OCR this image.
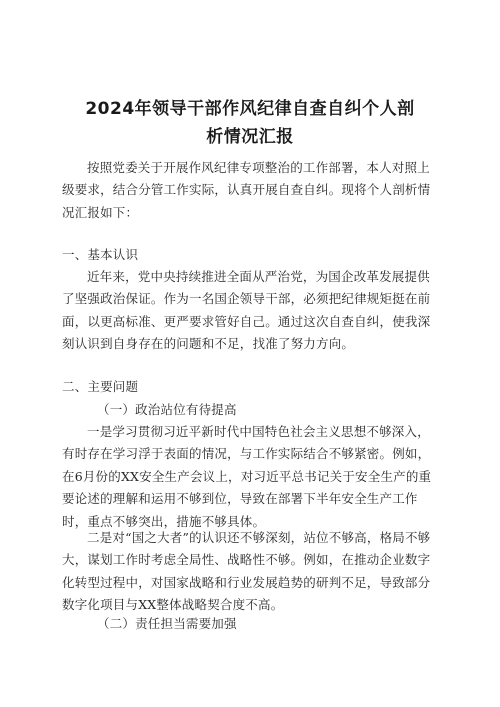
2024年领导干部作风纪律自查自纠个人剖
析情况汇报

按照党委关于开展作风纪律专项整治的工作部署，本人对照上级要求，结合分管工作实际，认真开展自查自纠。现将个人剖析情况汇报如下：

一、基本认识

近年来，党中央持续推进全面从严治党，为国企改革发展提供了坚强政治保证。作为一名国企领导干部，必须把纪律规矩挺在前面，以更高标准、更严要求管好自己。通过这次自查自纠，使我深刻认识到自身存在的问题和不足，找准了努力方向。

二、主要问题

（一）政治站位有待提高

一是学习贯彻习近平新时代中国特色社会主义思想不够深入，有时存在学习浮于表面的情况，与工作实际结合不够紧密。例如，在6月份的XX安全生产会议上，对习近平总书记关于安全生产的重要论述的理解和运用不够到位，导致在部署下半年安全生产工作时，重点不够突出，措施不够具体。

二是对“国之大者”的认识还不够深刻，站位不够高，格局不够大，谋划工作时考虑全局性、战略性不够。例如，在推动企业数字化转型过程中，对国家战略和行业发展趋势的研判不足，导致部分数字化项目与XX整体战略契合度不高。

（二）责任担当需要加强
